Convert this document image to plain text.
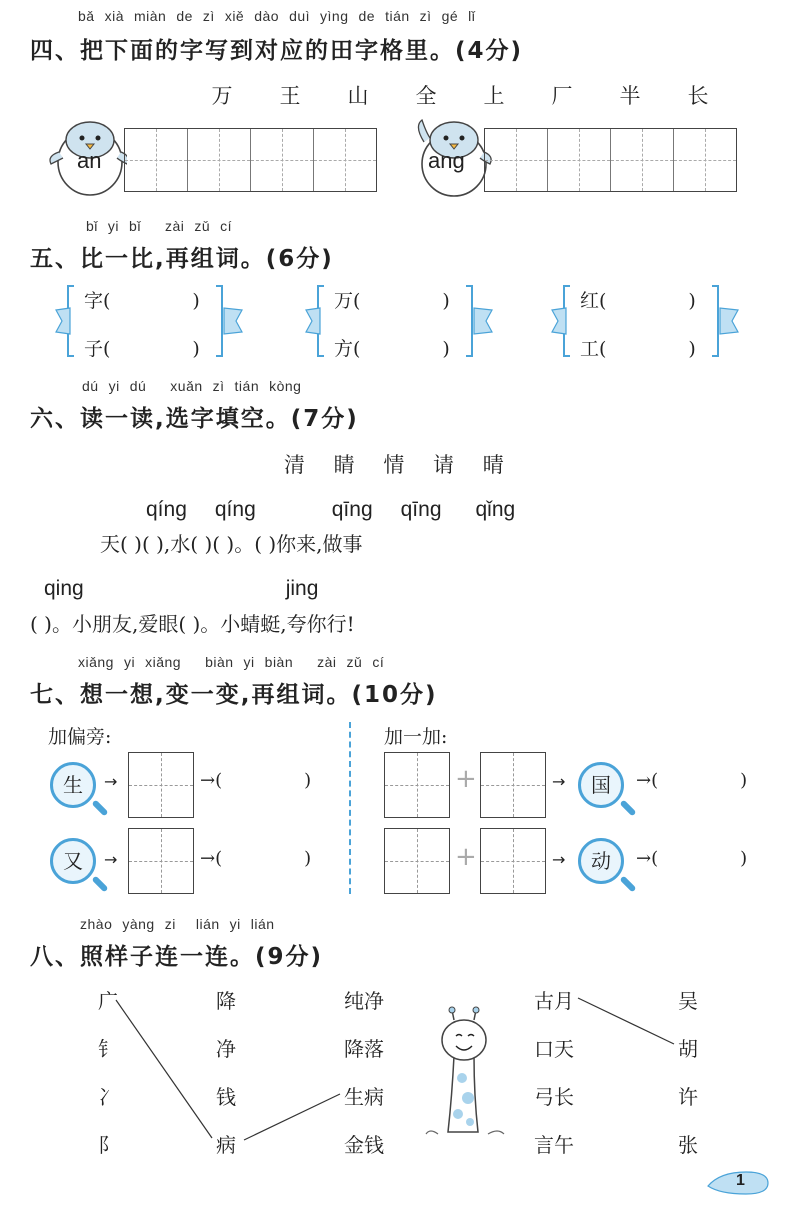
bǎ xià miàn de zì xiě dào duì yìng de tián zì gé lǐ
四、把下面的字写到对应的田字格里。(4分)
万 王 山 全 上 厂 半 长
an	ang
bǐ yi bǐ zài zǔ cí
五、比一比,再组词。(6分)
字(	)
子(	)
万(	)
方(	)
红(	)
工(	)
dú yi dú xuǎn zì tián kòng
六、读一读,选字填空。(7分)
清 睛 情 请 晴
qíng qíng	qīng qīng qǐng
天( )( ),水( )( )。( )你来,做事
qing	jing
( )。小朋友,爱眼( )。小蜻蜓,夸你行!
xiǎng yi xiǎng biàn yi biàn zài zǔ cí
七、想一想,变一变,再组词。(10分)
加偏旁:	加一加:
生	→	→(	)
又	→	→(	)
+	→	国	→(	)
+	→	动	→(	)
zhào yàng zi lián yi lián
八、照样子连一连。(9分)
广
钅
冫
阝
降
净
钱
病
纯净
降落
生病
金钱
古月
口天
弓长
言午
吴
胡
许
张
1
